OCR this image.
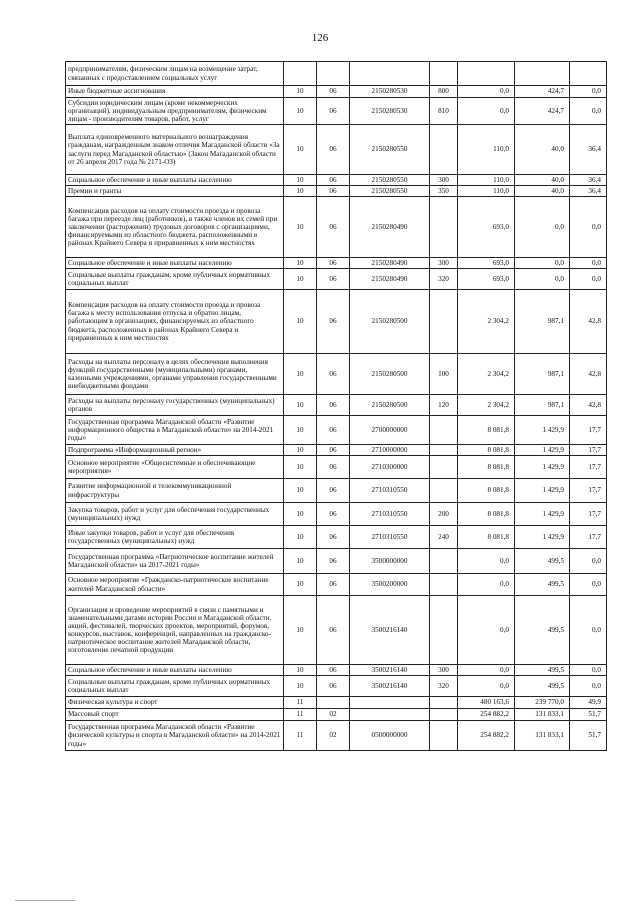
126
предпринимателям, физическим лицам на возмещение затрат, связанных с предоставлением социальных услуг							
Иные бюджетные ассигнования	10	06	2150280530	800	0,0	424,7	0,0
Субсидии юридическим лицам (кроме некоммерческих организаций), индивидуальным предпринимателям, физическим лицам - производителям товаров, работ, услуг	10	06	2150280530	810	0,0	424,7	0,0
Выплата единовременного материального вознаграждения гражданам, награжденным знаком отличия Магаданской области «За заслуги перед Магаданской областью» (Закон Магаданской области от 26 апреля 2017 года № 2171-ОЗ)	10	06	2150280550		110,0	40,0	36,4
Социальное обеспечение и иные выплаты населению	10	06	2150280550	300	110,0	40,0	36,4
Премии и гранты	10	06	2150280550	350	110,0	40,0	36,4
Компенсация расходов на оплату стоимости проезда и провоза багажа при переезде лиц (работников), в также членов их семей при заключении (расторжении) трудовых договоров с организациями, финансируемыми из областного бюджета, расположенными в районах Крайнего Севера и приравненных к ним местностях	10	06	2150280490		693,0	0,0	0,0
Социальное обеспечение и иные выплаты населению	10	06	2150280490	300	693,0	0,0	0,0
Социальные выплаты гражданам, кроме публичных нормативных социальных выплат	10	06	2150280490	320	693,0	0,0	0,0
Компенсация расходов на оплату стоимости проезда и провоза багажа к месту использования отпуска и обратно лицам, работающим в организациях, финансируемых из областного бюджета, расположенных в районах Крайнего Севера и приравненных к ним местностях	10	06	2150280500		2 304,2	987,1	42,8
Расходы на выплаты персоналу в целях обеспечения выполнения функций государственными (муниципальными) органами, казенными учреждениями, органами управления государственными внебюджетными фондами	10	06	2150280500	100	2 304,2	987,1	42,8
Расходы на выплаты персоналу государственных (муниципальных) органов	10	06	2150280500	120	2 304,2	987,1	42,8
Государственная программа Магаданской области «Развитие информационного общества в Магаданской области» на 2014-2021 годы»	10	06	2700000000		8 081,8	1 429,9	17,7
Подпрограмма «Информационный регион»	10	06	2710000000		8 081,8	1 429,9	17,7
Основное мероприятие «Общесистемные и обеспечивающие мероприятия»	10	06	2710300000		8 081,8	1 429,9	17,7
Развитие информационной и телекоммуникационной инфраструктуры	10	06	2710310550		8 081,8	1 429,9	17,7
Закупка товаров, работ и услуг для обеспечения государственных (муниципальных) нужд	10	06	2710310550	200	8 081,8	1 429,9	17,7
Иные закупки товаров, работ и услуг для обеспечения государственных (муниципальных) нужд	10	06	2710310550	240	8 081,8	1 429,9	17,7
Государственная программа «Патриотическое воспитание жителей Магаданской области» на 2017-2021 годы»	10	06	3500000000		0,0	499,5	0,0
Основное мероприятие «Гражданско-патриотическое воспитание жителей Магаданской области»	10	06	3500200000		0,0	499,5	0,0
Организация и проведение мероприятий в связи с памятными и знаменательными датами истории России и Магаданской области, акций, фестивалей, творческих проектов, мероприятий, форумов, конкурсов, выставок, конференций, направленных на гражданско-патриотическое воспитание жителей Магаданской области, изготовление печатной продукции	10	06	3500216140		0,0	499,5	0,0
Социальное обеспечение и иные выплаты населению	10	06	3500216140	300	0,0	499,5	0,0
Социальные выплаты гражданам, кроме публичных нормативных социальных выплат	10	06	3500216140	320	0,0	499,5	0,0
Физическая культура и спорт	11				480 163,6	239 770,0	49,9
Массовый спорт	11	02			254 882,2	131 833,1	51,7
Государственная программа Магаданской области «Развитие физической культуры и спорта в Магаданской области» на 2014-2021 годы»	11	02	0500000000		254 882,2	131 833,1	51,7
